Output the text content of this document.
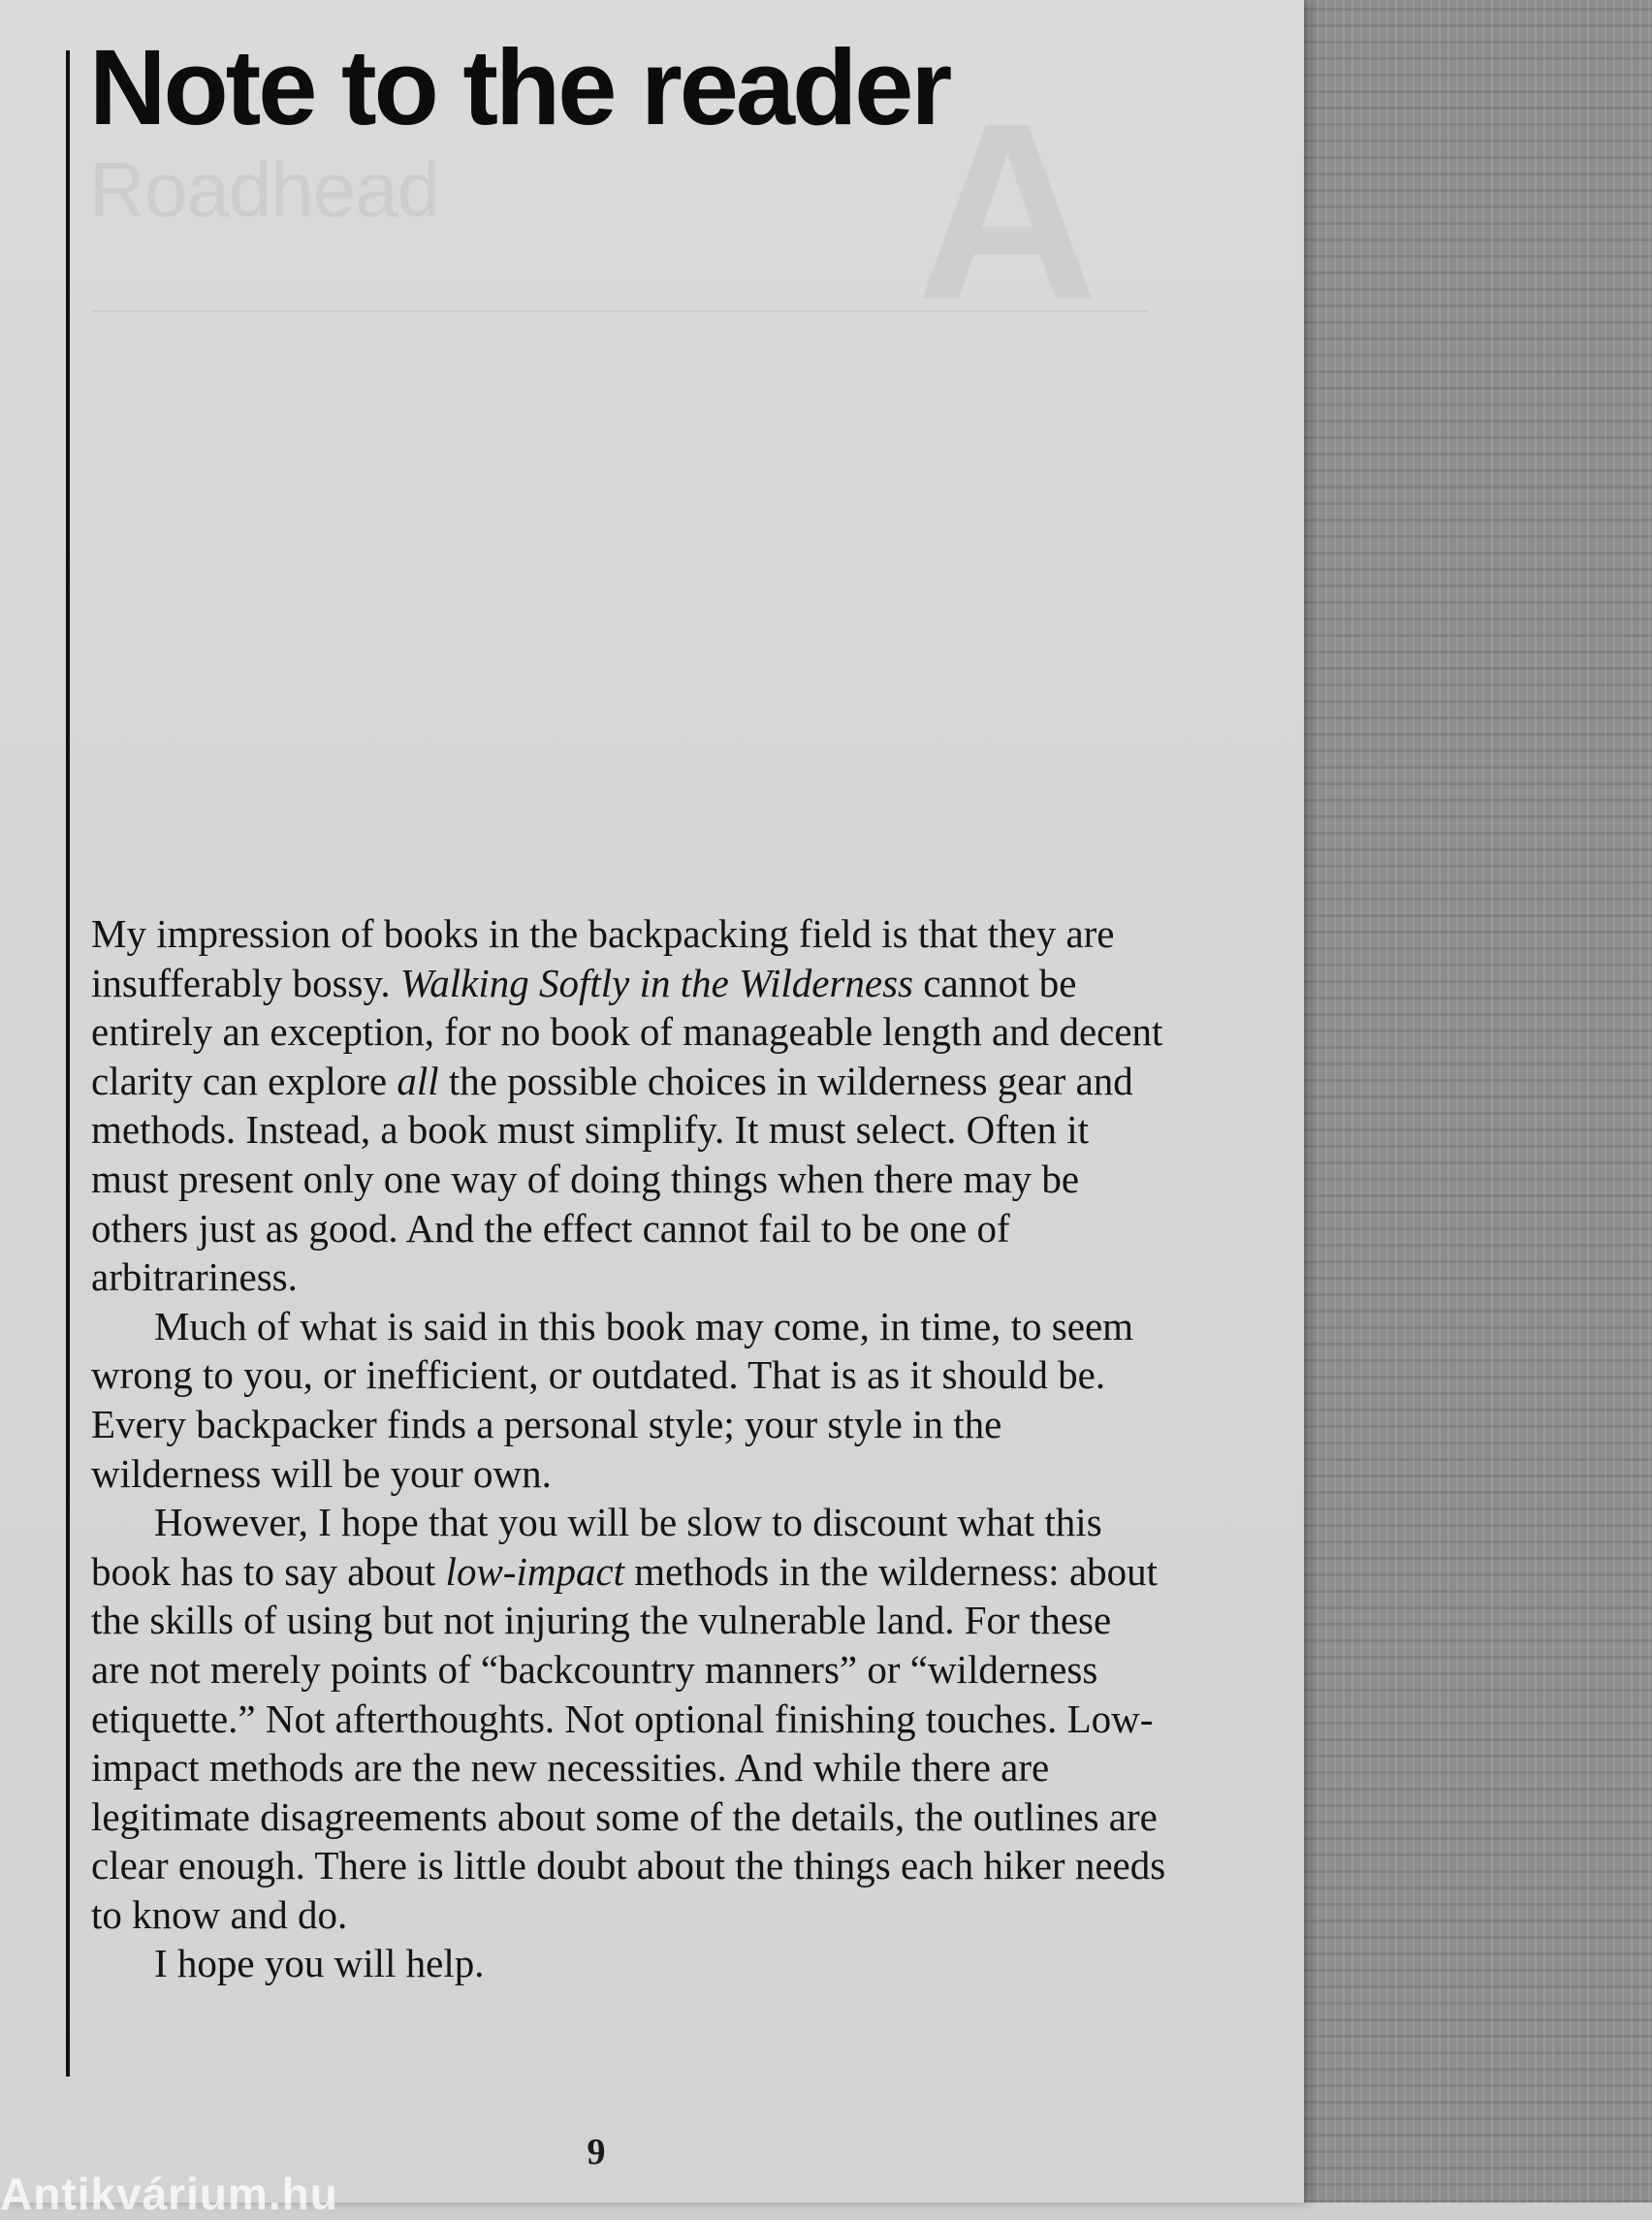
Roadhead A
Note to the reader

My impression of books in the backpacking field is that they are insufferably bossy. Walking Softly in the Wilderness cannot be entirely an exception, for no book of manageable length and decent clarity can explore all the possible choices in wilderness gear and methods. Instead, a book must simplify. It must select. Often it must present only one way of doing things when there may be others just as good. And the effect cannot fail to be one of arbitrariness.

Much of what is said in this book may come, in time, to seem wrong to you, or inefficient, or outdated. That is as it should be. Every backpacker finds a personal style; your style in the wilderness will be your own.

However, I hope that you will be slow to discount what this book has to say about low-impact methods in the wilderness: about the skills of using but not injuring the vulnerable land. For these are not merely points of “backcountry manners” or “wilderness etiquette.” Not afterthoughts. Not optional finishing touches. Low-impact methods are the new necessities. And while there are legitimate disagreements about some of the details, the outlines are clear enough. There is little doubt about the things each hiker needs to know and do.

I hope you will help.

9
Antikvárium.hu
